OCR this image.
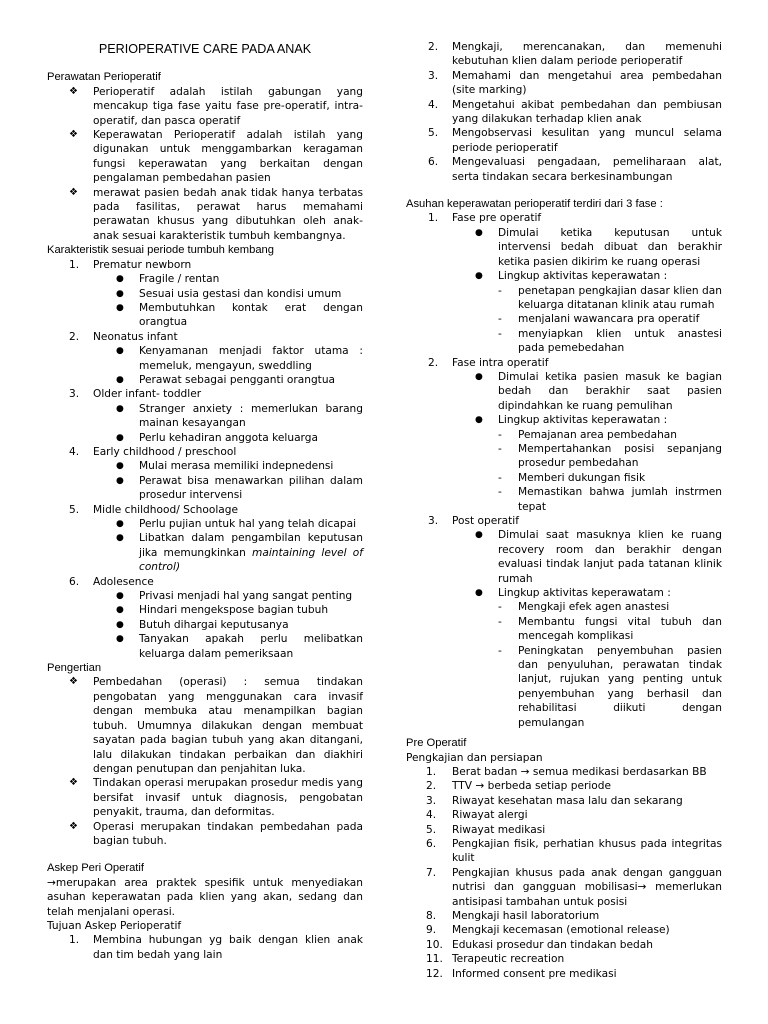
PERIOPERATIVE CARE PADA ANAK
Perawatan Perioperatif
❖ Perioperatif adalah istilah gabungan yang mencakup tiga fase yaitu fase pre-operatif, intra-operatif, dan pasca operatif
❖ Keperawatan Perioperatif adalah istilah yang digunakan untuk menggambarkan keragaman fungsi keperawatan yang berkaitan dengan pengalaman pembedahan pasien
❖ merawat pasien bedah anak tidak hanya terbatas pada fasilitas, perawat harus memahami perawatan khusus yang dibutuhkan oleh anak-anak sesuai karakteristik tumbuh kembangnya.
Karakteristik sesuai periode tumbuh kembang
1. Prematur newborn
● Fragile / rentan
● Sesuai usia gestasi dan kondisi umum
● Membutuhkan kontak erat dengan orangtua
2. Neonatus infant
● Kenyamanan menjadi faktor utama : memeluk, mengayun, sweddling
● Perawat sebagai pengganti orangtua
3. Older infant- toddler
● Stranger anxiety : memerlukan barang mainan kesayangan
● Perlu kehadiran anggota keluarga
4. Early childhood / preschool
● Mulai merasa memiliki indepnedensi
● Perawat bisa menawarkan pilihan dalam prosedur intervensi
5. Midle childhood/ Schoolage
● Perlu pujian untuk hal yang telah dicapai
● Libatkan dalam pengambilan keputusan jika memungkinkan maintaining level of control)
6. Adolesence
● Privasi menjadi hal yang sangat penting
● Hindari mengekspose bagian tubuh
● Butuh dihargai keputusanya
● Tanyakan apakah perlu melibatkan keluarga dalam pemeriksaan
Pengertian
❖ Pembedahan (operasi) : semua tindakan pengobatan yang menggunakan cara invasif dengan membuka atau menampilkan bagian tubuh. Umumnya dilakukan dengan membuat sayatan pada bagian tubuh yang akan ditangani, lalu dilakukan tindakan perbaikan dan diakhiri dengan penutupan dan penjahitan luka.
❖ Tindakan operasi merupakan prosedur medis yang bersifat invasif untuk diagnosis, pengobatan penyakit, trauma, dan deformitas.
❖ Operasi merupakan tindakan pembedahan pada bagian tubuh.
Askep Peri Operatif

→merupakan area praktek spesifik untuk menyediakan asuhan keperawatan pada klien yang akan, sedang dan telah menjalani operasi.

Tujuan Askep Perioperatif
1. Membina hubungan yg baik dengan klien anak dan tim bedah yang lain
2. Mengkaji, merencanakan, dan memenuhi kebutuhan klien dalam periode perioperatif
3. Memahami dan mengetahui area pembedahan (site marking)
4. Mengetahui akibat pembedahan dan pembiusan yang dilakukan terhadap klien anak
5. Mengobservasi kesulitan yang muncul selama periode perioperatif
6. Mengevaluasi pengadaan, pemeliharaan alat, serta tindakan secara berkesinambungan
Asuhan keperawatan perioperatif terdiri dari 3 fase :
1. Fase pre operatif
● Dimulai ketika keputusan untuk intervensi bedah dibuat dan berakhir ketika pasien dikirim ke ruang operasi
● Lingkup aktivitas keperawatan :
- penetapan pengkajian dasar klien dan keluarga ditatanan klinik atau rumah
- menjalani wawancara pra operatif
- menyiapkan klien untuk anastesi pada pemebedahan
2. Fase intra operatif
● Dimulai ketika pasien masuk ke bagian bedah dan berakhir saat pasien dipindahkan ke ruang pemulihan
● Lingkup aktivitas keperawatan :
- Pemajanan area pembedahan
- Mempertahankan posisi sepanjang prosedur pembedahan
- Memberi dukungan fisik
- Memastikan bahwa jumlah instrmen tepat
3. Post operatif
● Dimulai saat masuknya klien ke ruang recovery room dan berakhir dengan evaluasi tindak lanjut pada tatanan klinik rumah
● Lingkup aktivitas keperawatam :
- Mengkaji efek agen anastesi
- Membantu fungsi vital tubuh dan mencegah komplikasi
- Peningkatan penyembuhan pasien dan penyuluhan, perawatan tindak lanjut, rujukan yang penting untuk penyembuhan yang berhasil dan rehabilitasi diikuti dengan pemulangan
Pre Operatif
Pengkajian dan persiapan
1. Berat badan → semua medikasi berdasarkan BB
2. TTV → berbeda setiap periode
3. Riwayat kesehatan masa lalu dan sekarang
4. Riwayat alergi
5. Riwayat medikasi
6. Pengkajian fisik, perhatian khusus pada integritas kulit
7. Pengkajian khusus pada anak dengan gangguan nutrisi dan gangguan mobilisasi→ memerlukan antisipasi tambahan untuk posisi
8. Mengkaji hasil laboratorium
9. Mengkaji kecemasan (emotional release)
10. Edukasi prosedur dan tindakan bedah
11. Terapeutic recreation
12. Informed consent pre medikasi
